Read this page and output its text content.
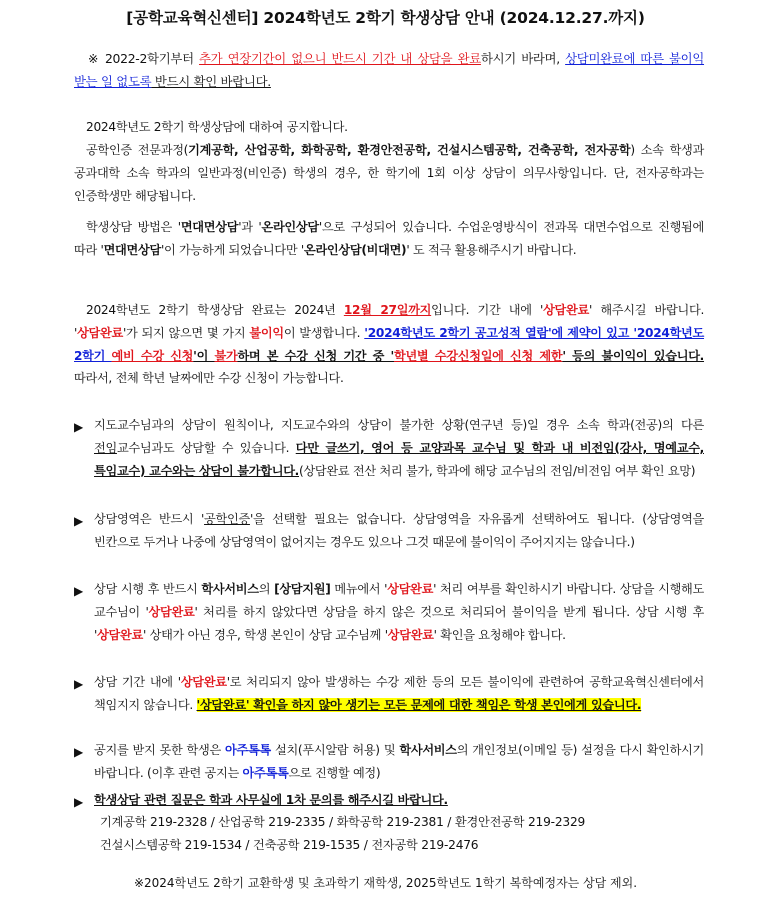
[공학교육혁신센터] 2024학년도 2학기 학생상담 안내 (2024.12.27.까지)
※ 2022-2학기부터 추가 연장기간이 없으니 반드시 기간 내 상담을 완료하시기 바라며, 상담미완료에 따른 불이익 받는 일 없도록 반드시 확인 바랍니다.
2024학년도 2학기 학생상담에 대하여 공지합니다.
공학인증 전문과정(기계공학, 산업공학, 화학공학, 환경안전공학, 건설시스템공학, 건축공학, 전자공학) 소속 학생과 공과대학 소속 학과의 일반과정(비인증) 학생의 경우, 한 학기에 1회 이상 상담이 의무사항입니다. 단, 전자공학과는 인증학생만 해당됩니다.
학생상담 방법은 '면대면상담'과 '온라인상담'으로 구성되어 있습니다. 수업운영방식이 전과목 대면수업으로 진행됨에 따라 '면대면상담'이 가능하게 되었습니다만 '온라인상담(비대면)' 도 적극 활용해주시기 바랍니다.
2024학년도 2학기 학생상담 완료는 2024년 12월 27일까지입니다. 기간 내에 '상담완료' 해주시길 바랍니다. '상담완료'가 되지 않으면 몇 가지 불이익이 발생합니다. '2024학년도 2학기 공고성적 열람'에 제약이 있고 '2024학년도 2학기 예비 수강 신청'이 불가하며 본 수강 신청 기간 중 '학년별 수강신청일에 신청 제한' 등의 불이익이 있습니다. 따라서, 전체 학년 날짜에만 수강 신청이 가능합니다.
▶ 지도교수님과의 상담이 원칙이나, 지도교수와의 상담이 불가한 상황(연구년 등)일 경우 소속 학과(전공)의 다른 전임교수님과도 상담할 수 있습니다. 다만 글쓰기, 영어 등 교양과목 교수님 및 학과 내 비전임(강사, 명예교수, 특임교수) 교수와는 상담이 불가합니다.(상담완료 전산 처리 불가, 학과에 해당 교수님의 전임/비전임 여부 확인 요망)
▶ 상담영역은 반드시 '공학인증'을 선택할 필요는 없습니다. 상담영역을 자유롭게 선택하여도 됩니다. (상담영역을 빈칸으로 두거나 나중에 상담영역이 없어지는 경우도 있으나 그것 때문에 불이익이 주어지지는 않습니다.)
▶ 상담 시행 후 반드시 학사서비스의 [상담지원] 메뉴에서 '상담완료' 처리 여부를 확인하시기 바랍니다. 상담을 시행해도 교수님이 '상담완료' 처리를 하지 않았다면 상담을 하지 않은 것으로 처리되어 불이익을 받게 됩니다. 상담 시행 후 '상담완료' 상태가 아닌 경우, 학생 본인이 상담 교수님께 '상담완료' 확인을 요청해야 합니다.
▶ 상담 기간 내에 '상담완료'로 처리되지 않아 발생하는 수강 제한 등의 모든 불이익에 관련하여 공학교육혁신센터에서 책임지지 않습니다. '상담완료' 확인을 하지 않아 생기는 모든 문제에 대한 책임은 학생 본인에게 있습니다.
▶ 공지를 받지 못한 학생은 아주톡톡 설치(푸시알람 허용) 및 학사서비스의 개인정보(이메일 등) 설정을 다시 확인하시기 바랍니다. (이후 관련 공지는 아주톡톡으로 진행할 예정)
▶ 학생상담 관련 질문은 학과 사무실에 1차 문의를 해주시길 바랍니다.
기계공학 219-2328 / 산업공학 219-2335 / 화학공학 219-2381 / 환경안전공학 219-2329
건설시스템공학 219-1534 / 건축공학 219-1535 / 전자공학 219-2476
※2024학년도 2학기 교환학생 및 초과학기 재학생, 2025학년도 1학기 복학예정자는 상담 제외.
